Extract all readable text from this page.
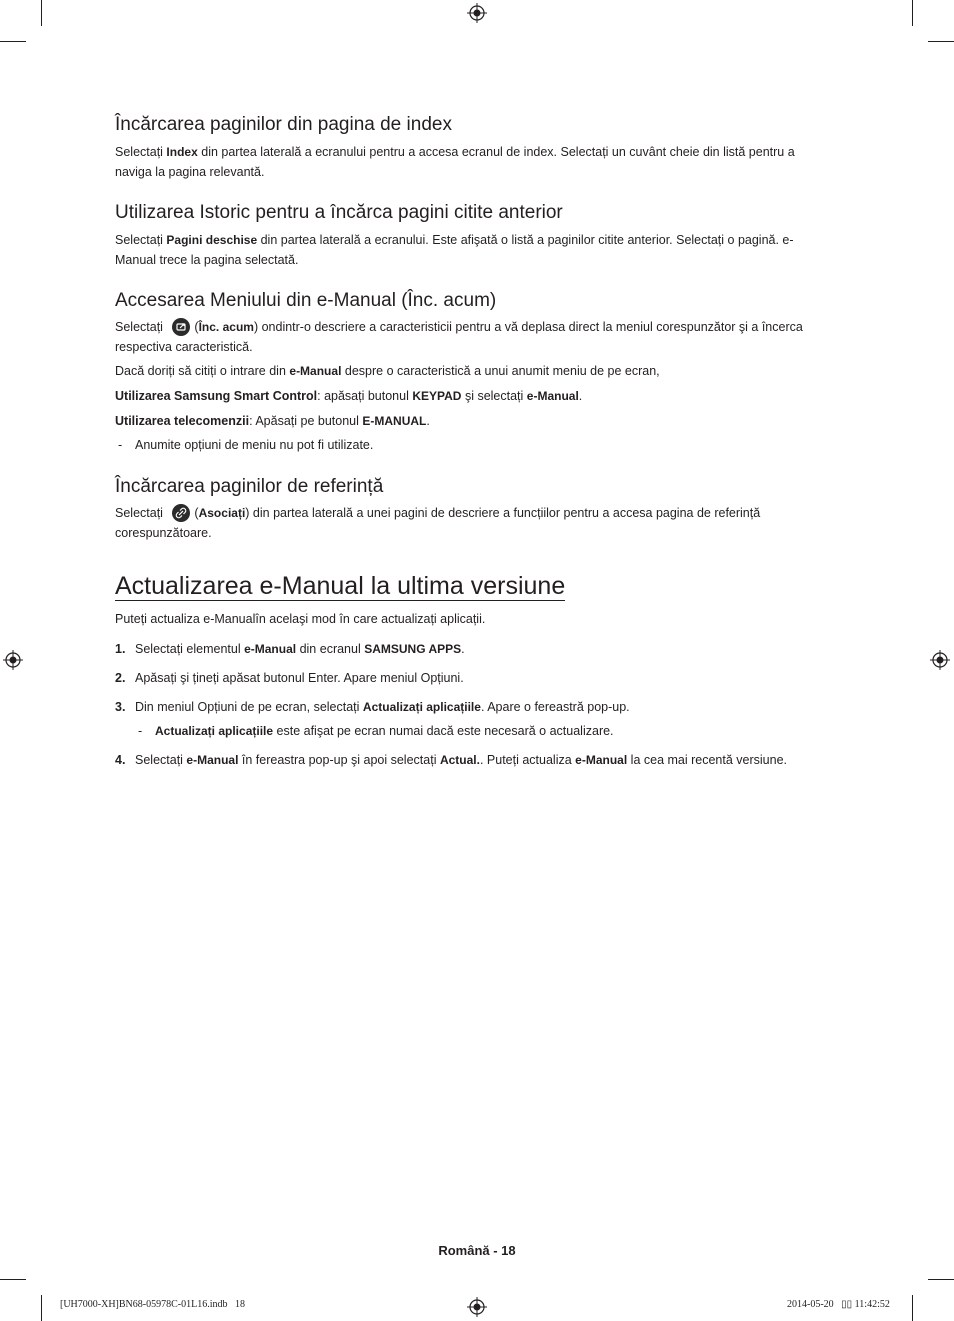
Încărcarea paginilor din pagina de index

Selectați Index din partea laterală a ecranului pentru a accesa ecranul de index. Selectați un cuvânt cheie din listă pentru a naviga la pagina relevantă.

Utilizarea Istoric pentru a încărca pagini citite anterior

Selectați Pagini deschise din partea laterală a ecranului. Este afişată o listă a paginilor citite anterior. Selectați o pagină. e-Manual trece la pagina selectată.

Accesarea Meniului din e-Manual (Înc. acum)

Selectați
(Înc. acum) ondintr-o descriere a caracteristicii pentru a vă deplasa direct la meniul corespunzător şi a încerca respectiva caracteristică.

Dacă doriți să citiți o intrare din e-Manual despre o caracteristică a unui anumit meniu de pe ecran,

Utilizarea Samsung Smart Control: apăsați butonul KEYPAD şi selectați e-Manual.

Utilizarea telecomenzii: Apăsați pe butonul E-MANUAL.

- Anumite opțiuni de meniu nu pot fi utilizate.

Încărcarea paginilor de referință

Selectați
(Asociați) din partea laterală a unei pagini de descriere a funcțiilor pentru a accesa pagina de referință corespunzătoare.

Actualizarea e-Manual la ultima versiune

Puteți actualiza e-Manualîn acelaşi mod în care actualizați aplicații.

1. Selectați elementul e-Manual din ecranul SAMSUNG APPS.
2. Apăsați şi țineți apăsat butonul Enter. Apare meniul Opțiuni.
3. Din meniul Opțiuni de pe ecran, selectați Actualizați aplicațiile. Apare o fereastră pop-up.
- Actualizați aplicațiile este afişat pe ecran numai dacă este necesară o actualizare.
4. Selectați e-Manual în fereastra pop-up şi apoi selectați Actual.. Puteți actualiza e-Manual la cea mai recentă versiune.
Română - 18
[UH7000-XH]BN68-05978C-01L16.indb   18	2014-05-20   ▯▯ 11:42:52
